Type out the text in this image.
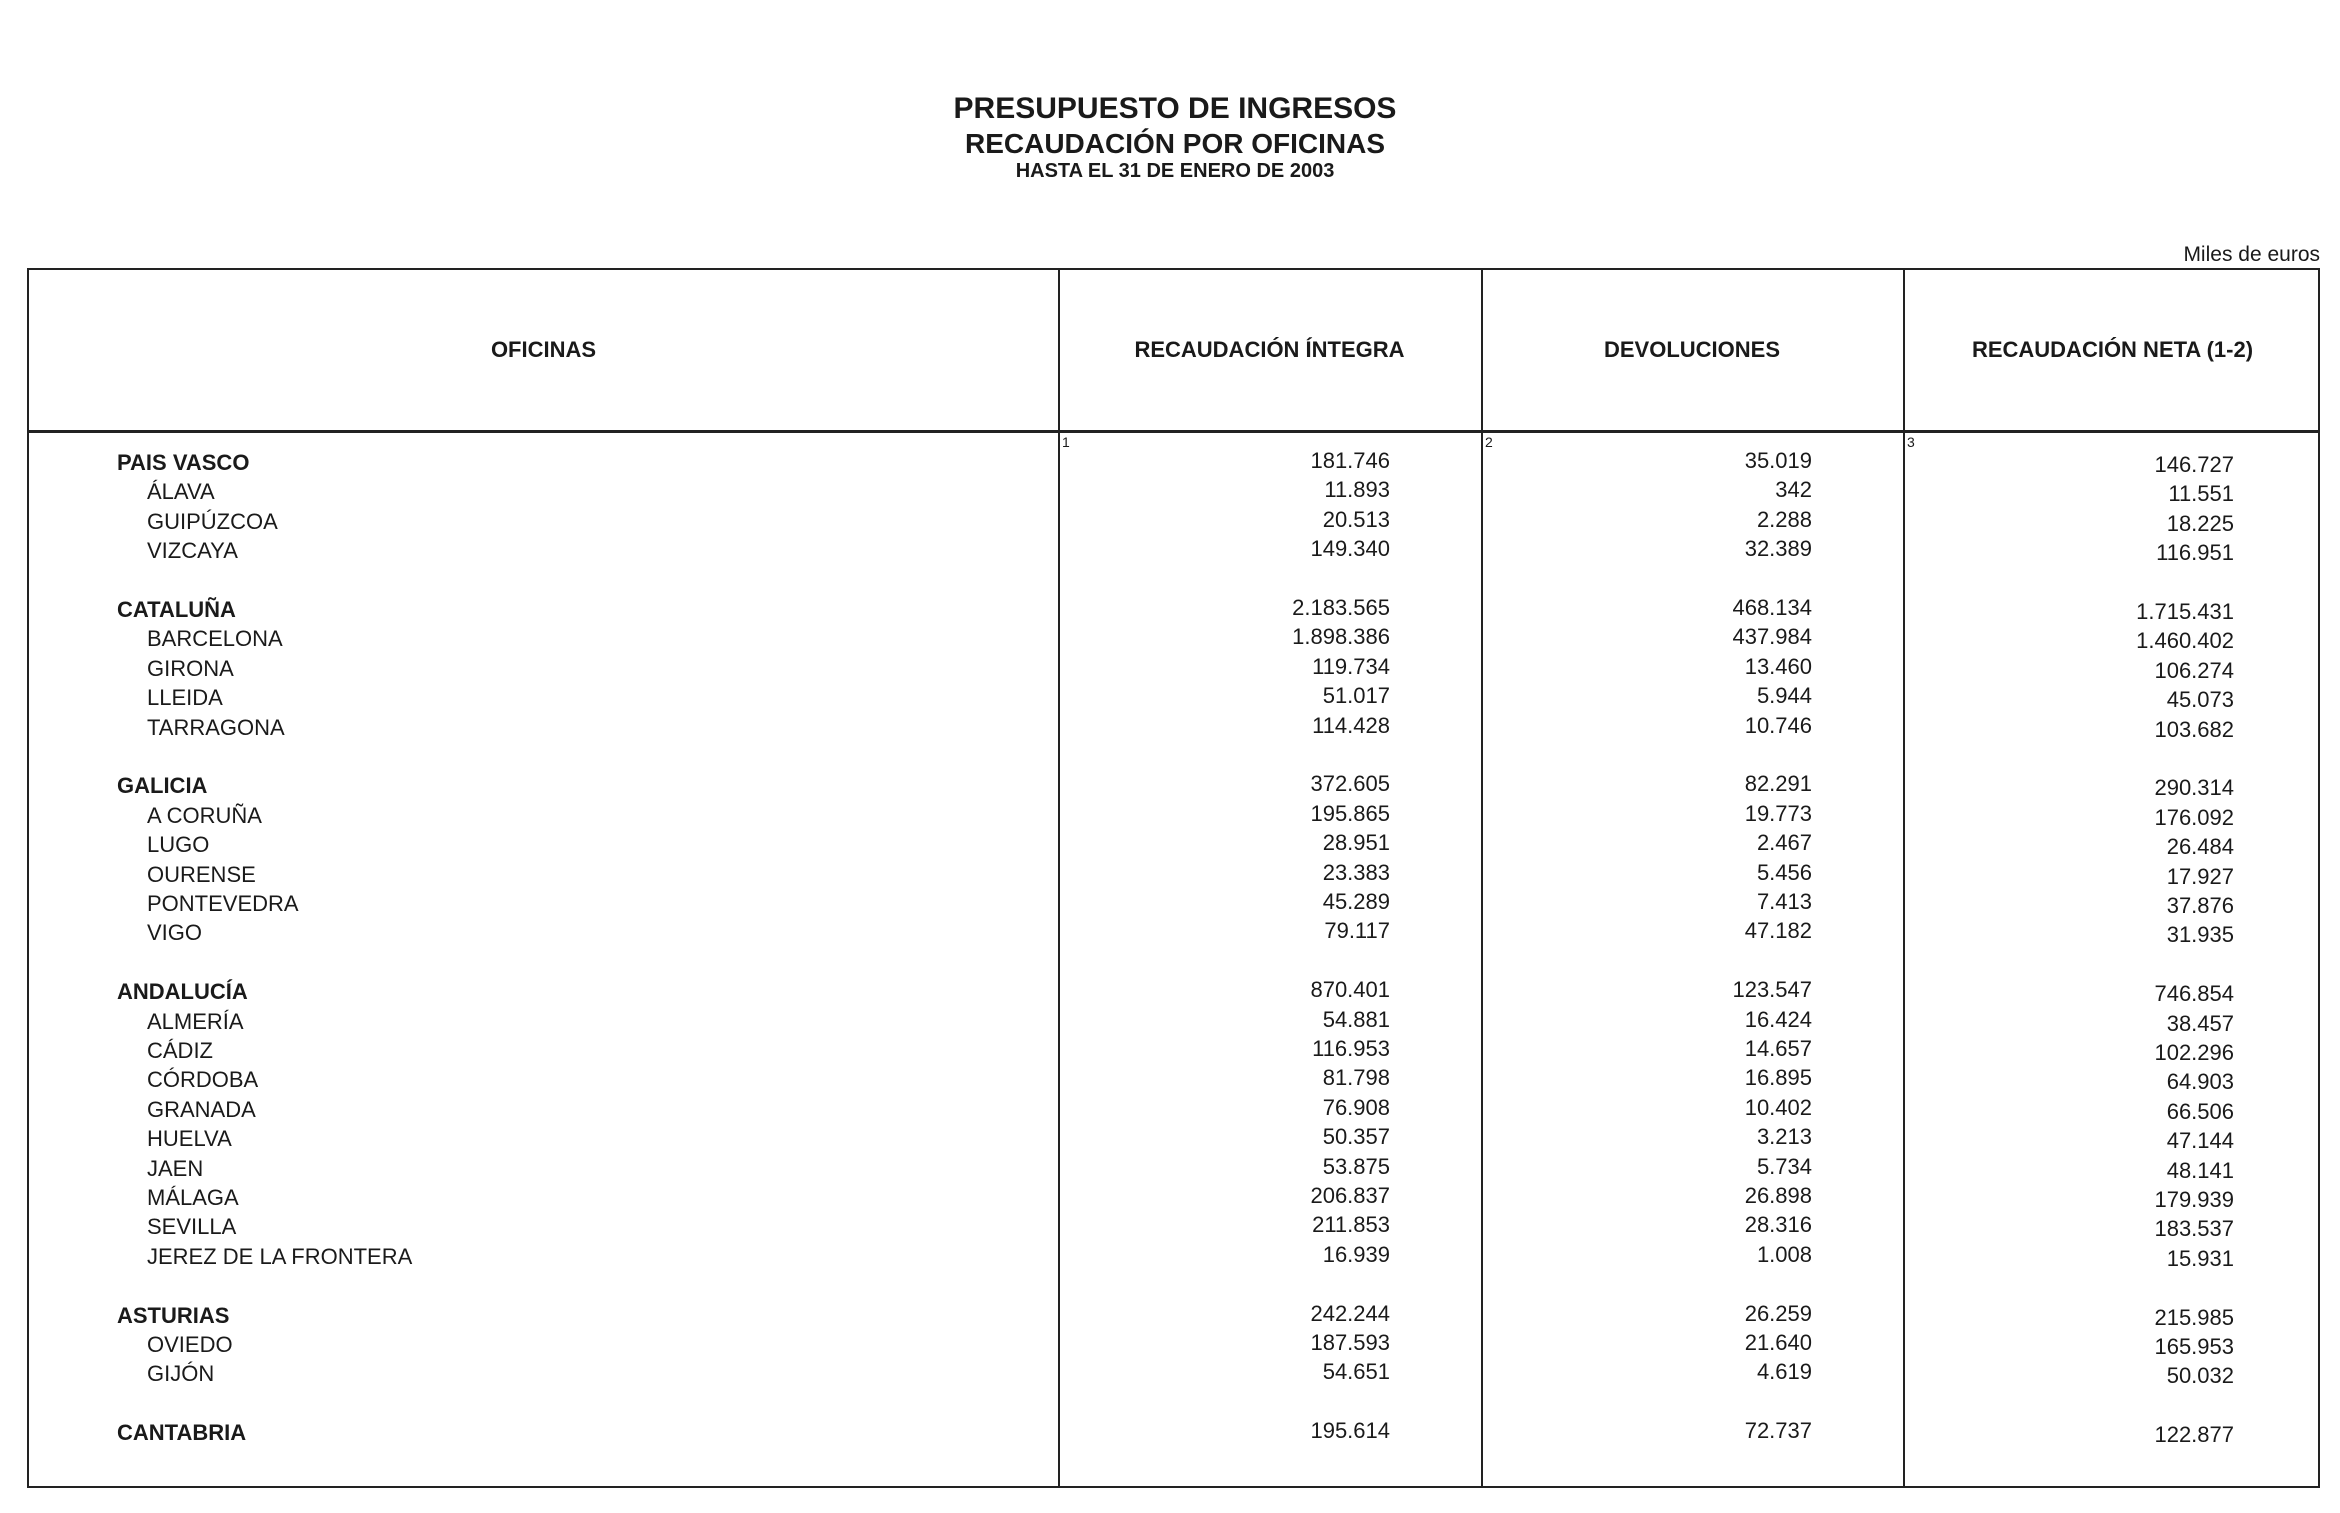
PRESUPUESTO DE INGRESOS
RECAUDACIÓN POR OFICINAS
HASTA EL 31 DE ENERO DE 2003
Miles de euros
OFICINAS	RECAUDACIÓN ÍNTEGRA	DEVOLUCIONES	RECAUDACIÓN NETA (1-2)
1	2	3
PAIS VASCO	181.746	35.019	146.727
ÁLAVA	11.893	342	11.551
GUIPÚZCOA	20.513	2.288	18.225
VIZCAYA	149.340	32.389	116.951
CATALUÑA	2.183.565	468.134	1.715.431
BARCELONA	1.898.386	437.984	1.460.402
GIRONA	119.734	13.460	106.274
LLEIDA	51.017	5.944	45.073
TARRAGONA	114.428	10.746	103.682
GALICIA	372.605	82.291	290.314
A CORUÑA	195.865	19.773	176.092
LUGO	28.951	2.467	26.484
OURENSE	23.383	5.456	17.927
PONTEVEDRA	45.289	7.413	37.876
VIGO	79.117	47.182	31.935
ANDALUCÍA	870.401	123.547	746.854
ALMERÍA	54.881	16.424	38.457
CÁDIZ	116.953	14.657	102.296
CÓRDOBA	81.798	16.895	64.903
GRANADA	76.908	10.402	66.506
HUELVA	50.357	3.213	47.144
JAEN	53.875	5.734	48.141
MÁLAGA	206.837	26.898	179.939
SEVILLA	211.853	28.316	183.537
JEREZ DE LA FRONTERA	16.939	1.008	15.931
ASTURIAS	242.244	26.259	215.985
OVIEDO	187.593	21.640	165.953
GIJÓN	54.651	4.619	50.032
CANTABRIA	195.614	72.737	122.877
